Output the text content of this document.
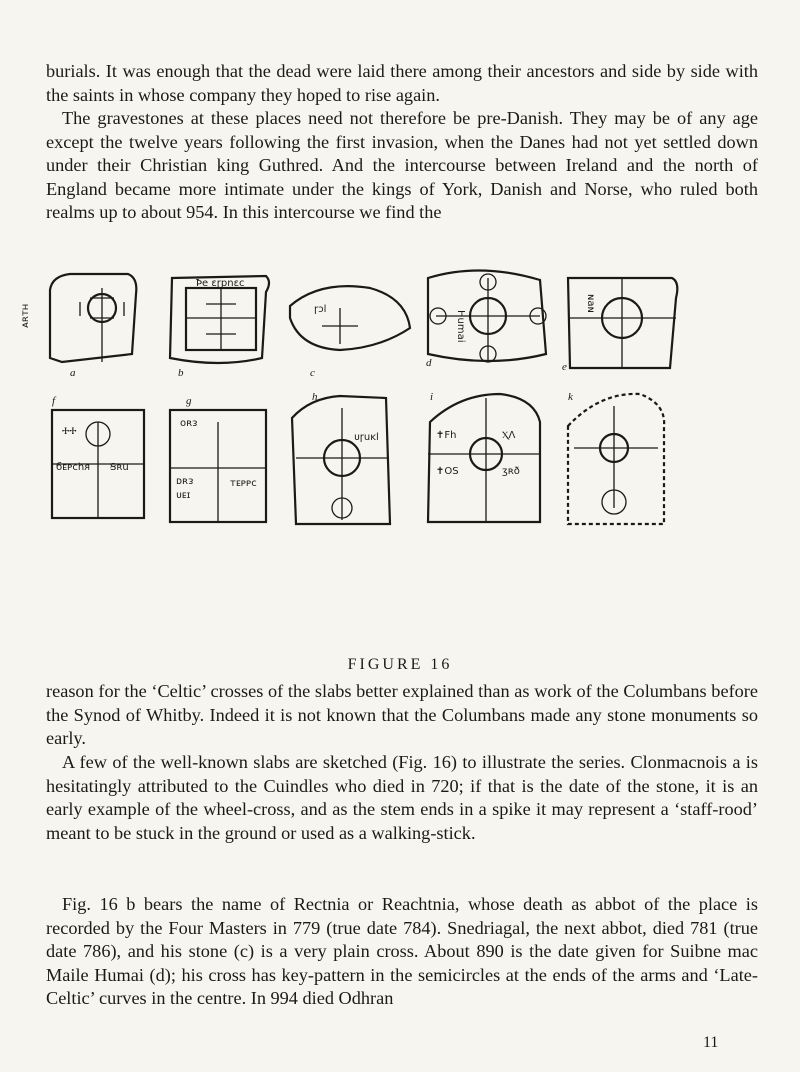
burials. It was enough that the dead were laid there among their ancestors and side by side with the saints in whose company they hoped to rise again.

The gravestones at these places need not therefore be pre-Danish. They may be of any age except the twelve years following the first invasion, when the Danes had not yet settled down under their Christian king Guthred. And the intercourse between Ireland and the north of England became more intimate under the kings of York, Danish and Norse, who ruled both realms up to about 954. In this intercourse we find the

ᴀʀᴛʜ
a
Ꝥe ɛɼpnɛc
b
ɼɔl
c
Humai
d
ɴaɴ
e
ⰀⰀ
бᴇᴘᴄhᴙ Ꞩʀu
f
ᴏʀᴈ
ᴅʀᴈ
ᴜᴇɪ
ᴛᴇᴘᴘᴄ
g
ᴜɼuᴋl
h
✝Fh	ⲬΛ
✝OS	ʒʀð
i	k
FIGURE 16

reason for the ‘Celtic’ crosses of the slabs better explained than as work of the Columbans before the Synod of Whitby. Indeed it is not known that the Columbans made any stone monuments so early.

A few of the well-known slabs are sketched (Fig. 16) to illustrate the series. Clonmacnois a is hesitatingly attributed to the Cuindles who died in 720; if that is the date of the stone, it is an early example of the wheel-cross, and as the stem ends in a spike it may represent a ‘staff-rood’ meant to be stuck in the ground or used as a walking-stick.

Fig. 16 b bears the name of Rectnia or Reachtnia, whose death as abbot of the place is recorded by the Four Masters in 779 (true date 784). Snedriagal, the next abbot, died 781 (true date 786), and his stone (c) is a very plain cross. About 890 is the date given for Suibne mac Maile Humai (d); his cross has key-pattern in the semicircles at the ends of the arms and ‘Late-Celtic’ curves in the centre. In 994 died Odhran

11
